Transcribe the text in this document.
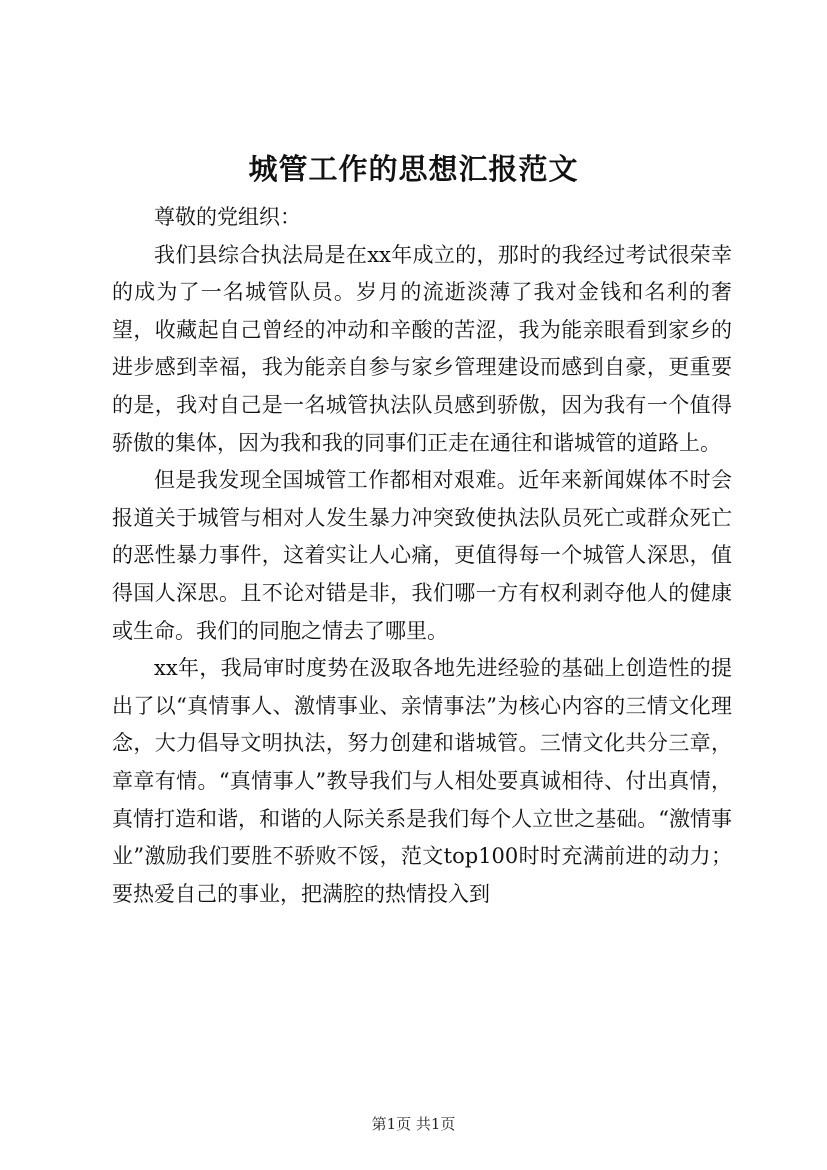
城管工作的思想汇报范文

尊敬的党组织：

我们县综合执法局是在xx年成立的，那时的我经过考试很荣幸的成为了一名城管队员。岁月的流逝淡薄了我对金钱和名利的奢望，收藏起自己曾经的冲动和辛酸的苦涩，我为能亲眼看到家乡的进步感到幸福，我为能亲自参与家乡管理建设而感到自豪，更重要的是，我对自己是一名城管执法队员感到骄傲，因为我有一个值得骄傲的集体，因为我和我的同事们正走在通往和谐城管的道路上。

但是我发现全国城管工作都相对艰难。近年来新闻媒体不时会报道关于城管与相对人发生暴力冲突致使执法队员死亡或群众死亡的恶性暴力事件，这着实让人心痛，更值得每一个城管人深思，值得国人深思。且不论对错是非，我们哪一方有权利剥夺他人的健康或生命。我们的同胞之情去了哪里。

xx年，我局审时度势在汲取各地先进经验的基础上创造性的提出了以“真情事人、激情事业、亲情事法”为核心内容的三情文化理念，大力倡导文明执法，努力创建和谐城管。三情文化共分三章，章章有情。“真情事人”教导我们与人相处要真诚相待、付出真情，真情打造和谐，和谐的人际关系是我们每个人立世之基础。“激情事业”激励我们要胜不骄败不馁，范文top100时时充满前进的动力；要热爱自己的事业，把满腔的热情投入到

第1页 共1页
